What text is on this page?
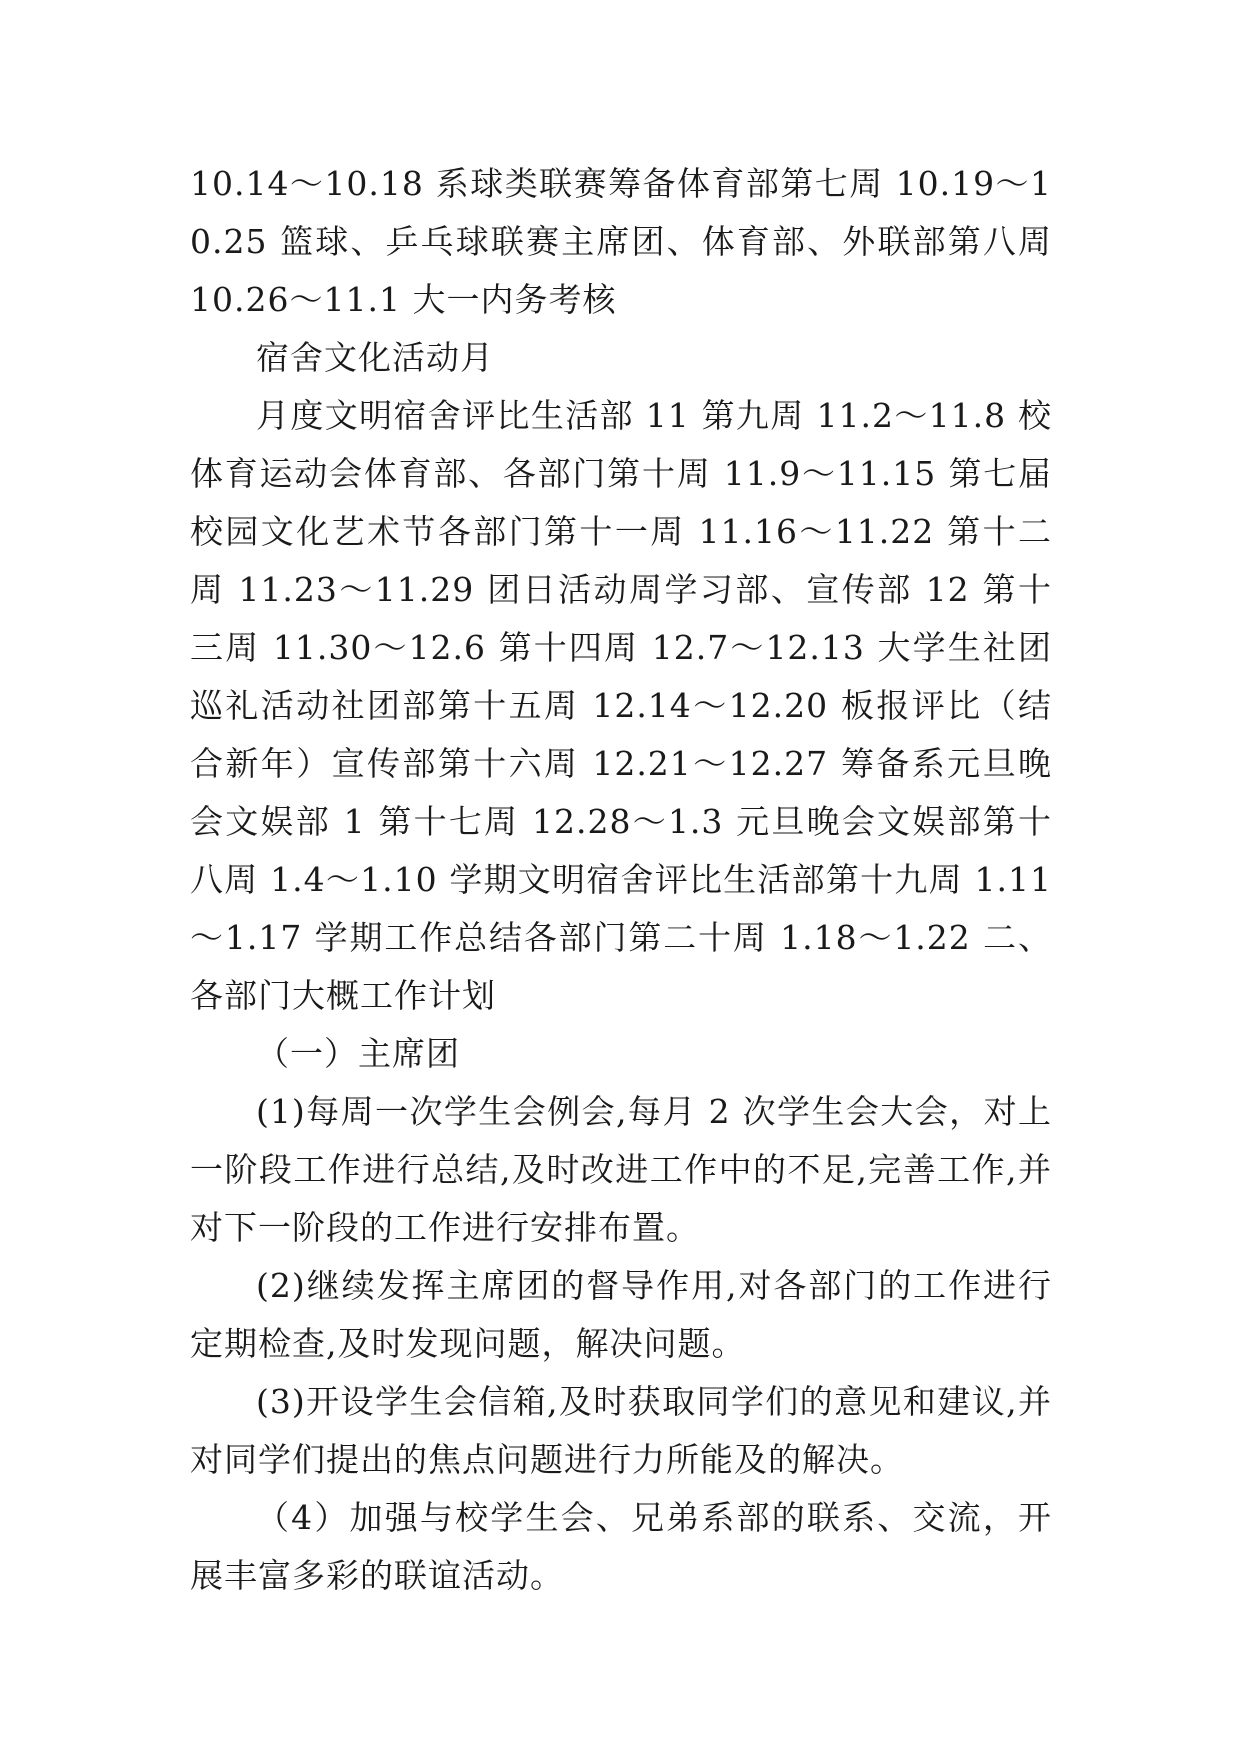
10.14～10.18 系球类联赛筹备体育部第七周 10.19～10.25 篮球、乒乓球联赛主席团、体育部、外联部第八周 10.26～11.1 大一内务考核

宿舍文化活动月

月度文明宿舍评比生活部 11 第九周 11.2～11.8 校体育运动会体育部、各部门第十周 11.9～11.15 第七届校园文化艺术节各部门第十一周 11.16～11.22 第十二周 11.23～11.29 团日活动周学习部、宣传部 12 第十三周 11.30～12.6 第十四周 12.7～12.13 大学生社团巡礼活动社团部第十五周 12.14～12.20 板报评比（结合新年）宣传部第十六周 12.21～12.27 筹备系元旦晚会文娱部 1 第十七周 12.28～1.3 元旦晚会文娱部第十八周 1.4～1.10 学期文明宿舍评比生活部第十九周 1.11～1.17 学期工作总结各部门第二十周 1.18～1.22 二、各部门大概工作计划

（一）主席团

(1)每周一次学生会例会,每月 2 次学生会大会，对上一阶段工作进行总结,及时改进工作中的不足,完善工作,并对下一阶段的工作进行安排布置。

(2)继续发挥主席团的督导作用,对各部门的工作进行定期检查,及时发现问题，解决问题。

(3)开设学生会信箱,及时获取同学们的意见和建议,并对同学们提出的焦点问题进行力所能及的解决。

（4）加强与校学生会、兄弟系部的联系、交流，开展丰富多彩的联谊活动。
